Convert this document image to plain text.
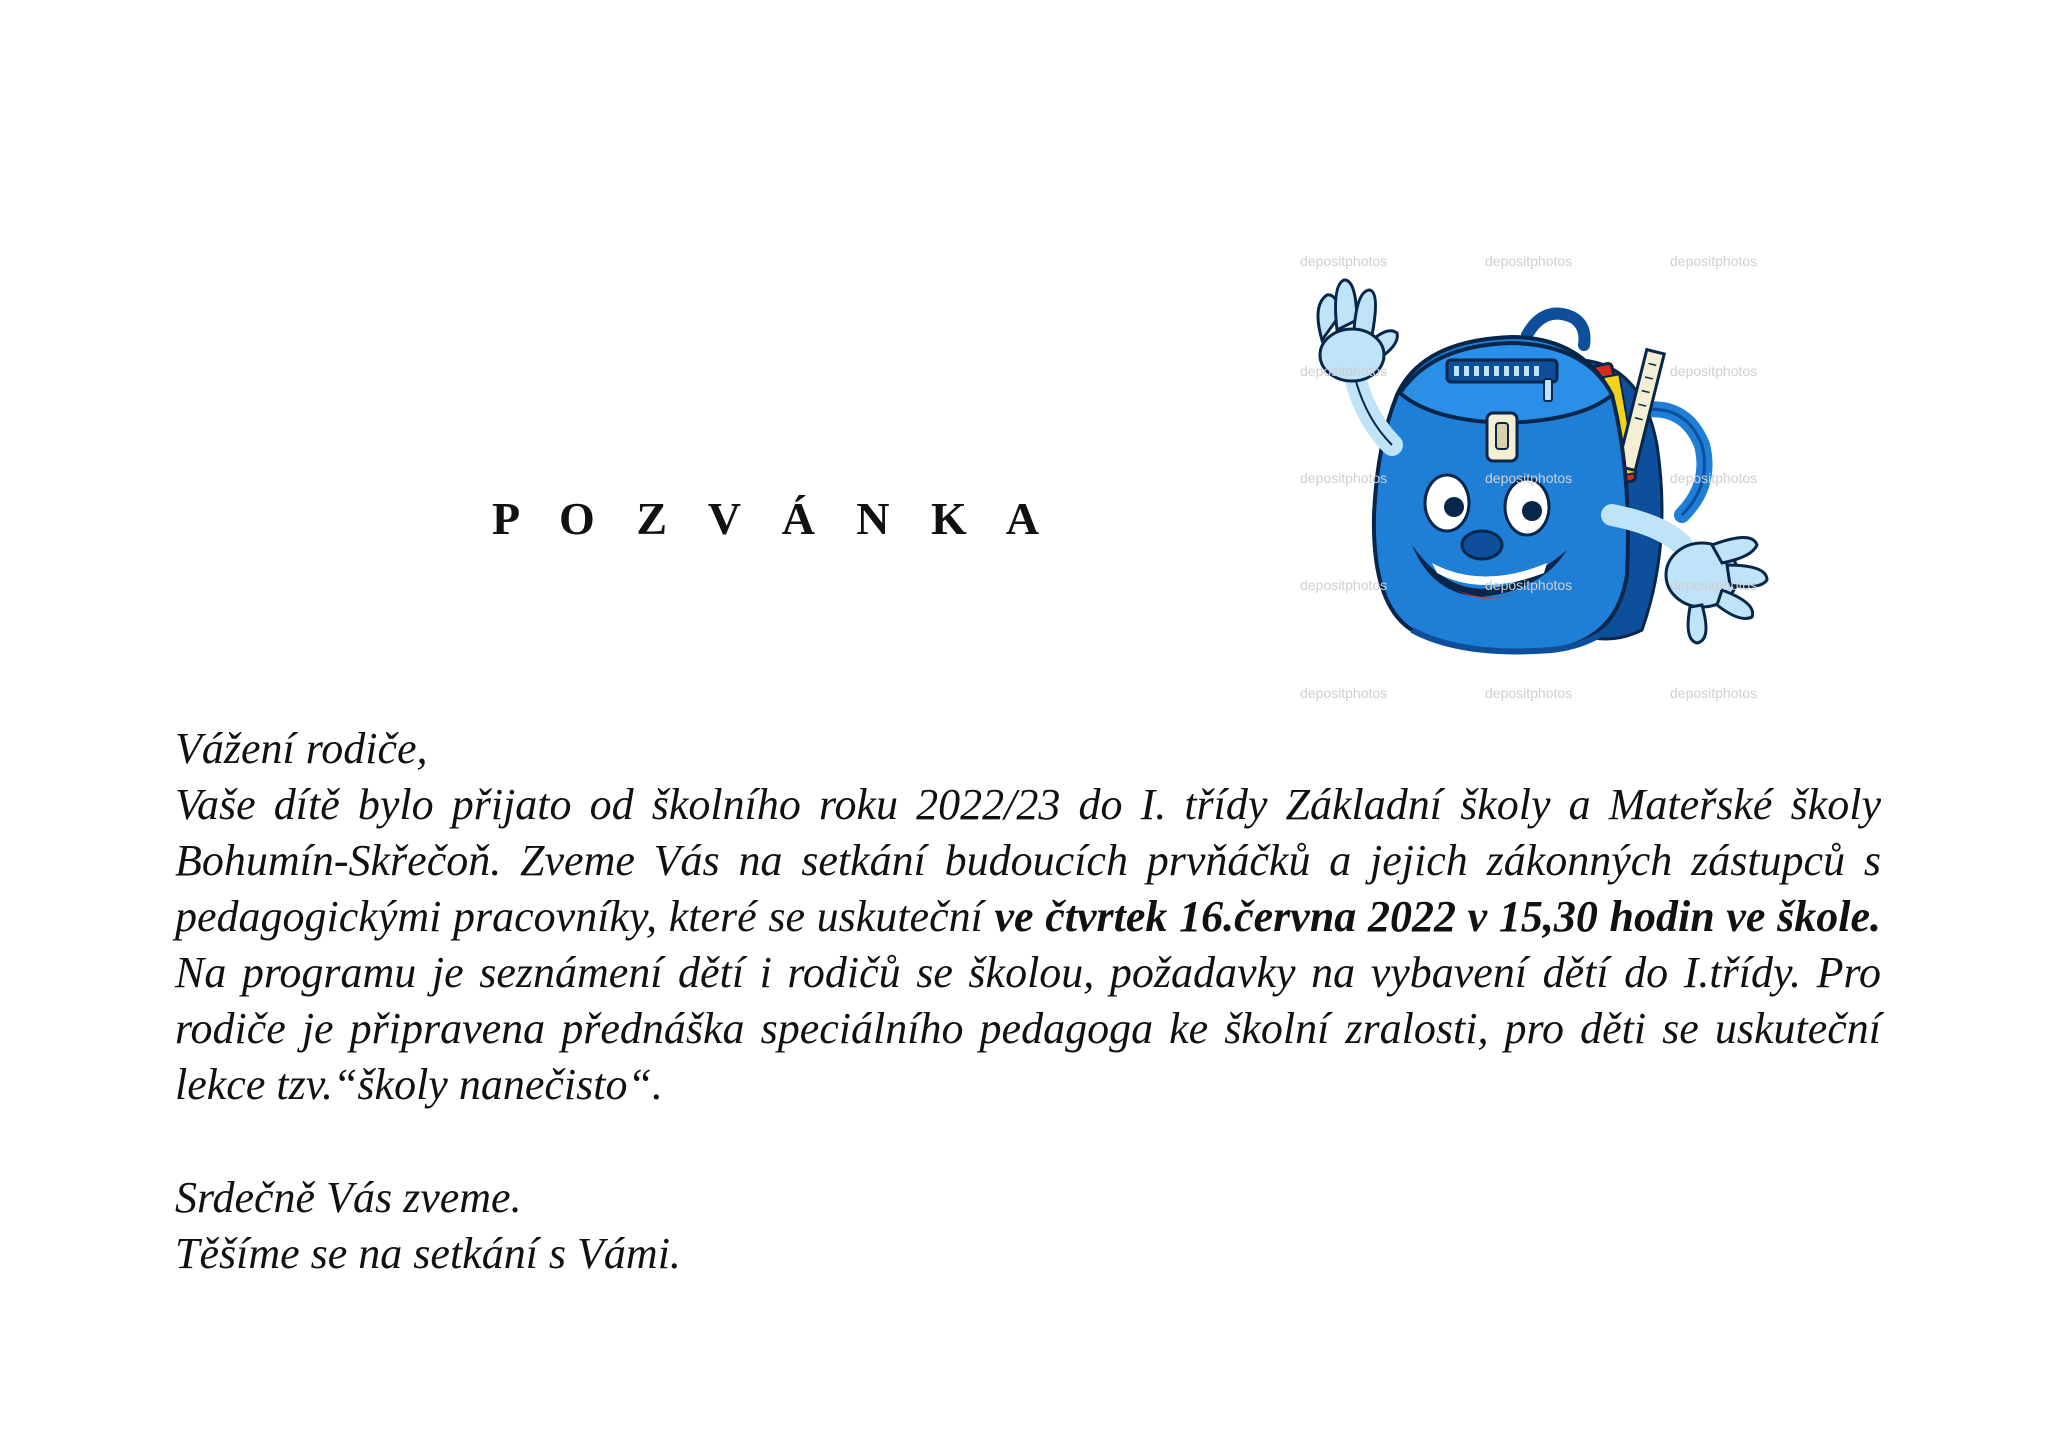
P O Z V Á N K A
depositphotos	depositphotos	depositphotos
depositphotos	depositphotos
depositphotos	depositphotos	depositphotos
depositphotos	depositphotos	depositphotos
depositphotos	depositphotos	depositphotos
Vážení rodiče,
Vaše dítě bylo přijato od školního roku 2022/23 do I. třídy Základní školy a Mateřské školy Bohumín-Skřečoň. Zveme Vás na setkání budoucích prvňáčků a jejich zákonných zástupců s pedagogickými pracovníky, které se uskuteční ve čtvrtek 16.června 2022 v 15,30 hodin ve škole. Na programu je seznámení dětí i rodičů se školou, požadavky na vybavení dětí do I.třídy. Pro rodiče je připravena přednáška speciálního pedagoga ke školní zralosti, pro děti se uskuteční lekce tzv.“školy nanečisto“.
Srdečně Vás zveme.
Těšíme se na setkání s Vámi.
